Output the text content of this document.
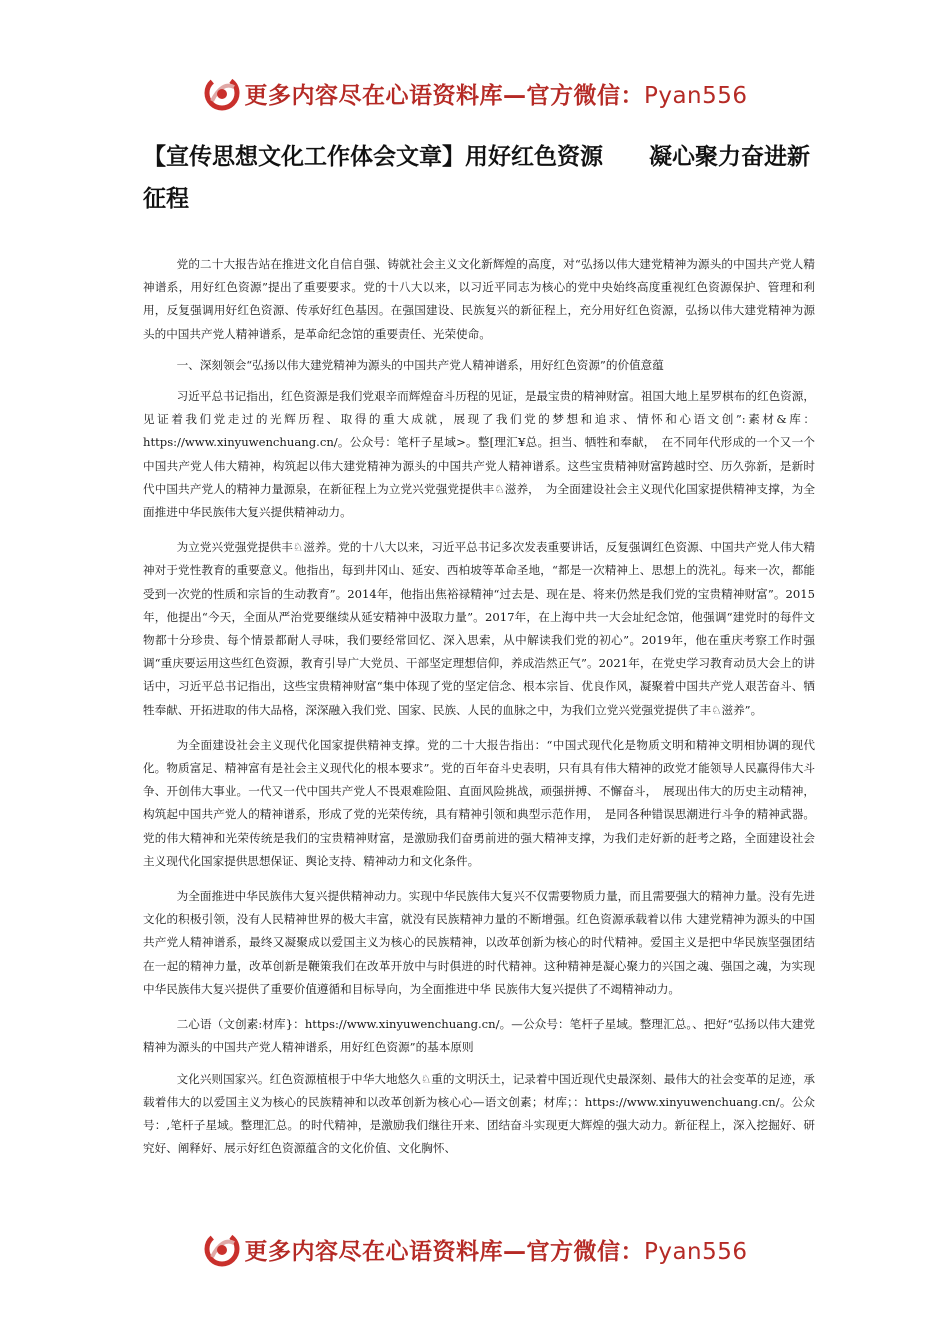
更多内容尽在心语资料库—官方微信：Pyan556
【宣传思想文化工作体会文章】用好红色资源　　凝心聚力奋进新征程

党的二十大报告站在推进文化自信自强、铸就社会主义文化新辉煌的高度，对“弘扬以伟大建党精神为源头的中国共产党人精神谱系，用好红色资源”提出了重要要求。党的十八大以来，以习近平同志为核心的党中央始终高度重视红色资源保护、管理和利用，反复强调用好红色资源、传承好红色基因。在强国建设、民族复兴的新征程上，充分用好红色资源，弘扬以伟大建党精神为源头的中国共产党人精神谱系，是革命纪念馆的重要责任、光荣使命。

一、深刻领会“弘扬以伟大建党精神为源头的中国共产党人精神谱系，用好红色资源”的价值意蕴

习近平总书记指出，红色资源是我们党艰辛而辉煌奋斗历程的见证，是最宝贵的精神财富。祖国大地上星罗棋布的红色资源，见证着我们党走过的光辉历程、取得的重大成就，展现了我们党的梦想和追求、情怀和心语文创”:素材&库：https://www.xinyuwenchuang.cn/。公众号：笔杆子星域>。整[理汇¥总。担当、牺牲和奉献，　在不同年代形成的一个又一个中国共产党人伟大精神，构筑起以伟大建党精神为源头的中国共产党人精神谱系。这些宝贵精神财富跨越时空、历久弥新，是新时代中国共产党人的精神力量源泉，在新征程上为立党兴党强党提供丰♘滋养，　为全面建设社会主义现代化国家提供精神支撑，为全面推进中华民族伟大复兴提供精神动力。

为立党兴党强党提供丰♘滋养。党的十八大以来，习近平总书记多次发表重要讲话，反复强调红色资源、中国共产党人伟大精神对于党性教育的重要意义。他指出，每到井冈山、延安、西柏坡等革命圣地，“都是一次精神上、思想上的洗礼。每来一次，都能受到一次党的性质和宗旨的生动教育”。2014年，他指出焦裕禄精神“过去是、现在是、将来仍然是我们党的宝贵精神财富”。2015年，他提出“今天，全面从严治党要继续从延安精神中汲取力量”。2017年，在上海中共一大会址纪念馆，他强调“建党时的每件文物都十分珍贵、每个情景都耐人寻味，我们要经常回忆、深入思索，从中解读我们党的初心”。2019年，他在重庆考察工作时强调“重庆要运用这些红色资源，教育引导广大党员、干部坚定理想信仰，养成浩然正气”。2021年，在党史学习教育动员大会上的讲话中，习近平总书记指出，这些宝贵精神财富“集中体现了党的坚定信念、根本宗旨、优良作风，凝聚着中国共产党人艰苦奋斗、牺牲奉献、开拓进取的伟大品格，深深融入我们党、国家、民族、人民的血脉之中，为我们立党兴党强党提供了丰♘滋养”。

为全面建设社会主义现代化国家提供精神支撑。党的二十大报告指出：“中国式现代化是物质文明和精神文明相协调的现代化。物质富足、精神富有是社会主义现代化的根本要求”。党的百年奋斗史表明，只有具有伟大精神的政党才能领导人民赢得伟大斗争、开创伟大事业。一代又一代中国共产党人不畏艰难险阻、直面风险挑战，顽强拼搏、不懈奋斗，　展现出伟大的历史主动精神，构筑起中国共产党人的精神谱系，形成了党的光荣传统，具有精神引领和典型示范作用，　是同各种错误思潮进行斗争的精神武器。党的伟大精神和光荣传统是我们的宝贵精神财富，是激励我们奋勇前进的强大精神支撑，为我们走好新的赶考之路，全面建设社会主义现代化国家提供思想保证、舆论支持、精神动力和文化条件。

为全面推进中华民族伟大复兴提供精神动力。实现中华民族伟大复兴不仅需要物质力量，而且需要强大的精神力量。没有先进文化的积极引领，没有人民精神世界的极大丰富，就没有民族精神力量的不断增强。红色资源承载着以伟 大建党精神为源头的中国共产党人精神谱系，最终又凝聚成以爱国主义为核心的民族精神，以改革创新为核心的时代精神。爱国主义是把中华民族坚强团结在一起的精神力量，改革创新是鞭策我们在改革开放中与时俱进的时代精神。这种精神是凝心聚力的兴国之魂、强国之魂，为实现中华民族伟大复兴提供了重要价值遵循和目标导向，为全面推进中华 民族伟大复兴提供了不竭精神动力。

二心语（文创素:材库}：https://www.xinyuwenchuang.cn/。—公众号：笔杆子星域。整理汇总。、把好“弘扬以伟大建党精神为源头的中国共产党人精神谱系，用好红色资源”的基本原则

文化兴则国家兴。红色资源植根于中华大地悠久♘重的文明沃土，记录着中国近现代史最深刻、最伟大的社会变革的足迹，承载着伟大的以爱国主义为核心的民族精神和以改革创新为核心心—语文创素；材库；：https://www.xinyuwenchuang.cn/。公众号：,笔杆子星域。整理汇总。的时代精神，是激励我们继往开来、团结奋斗实现更大辉煌的强大动力。新征程上，深入挖掘好、研究好、阐释好、展示好红色资源蕴含的文化价值、文化胸怀、

更多内容尽在心语资料库—官方微信：Pyan556
